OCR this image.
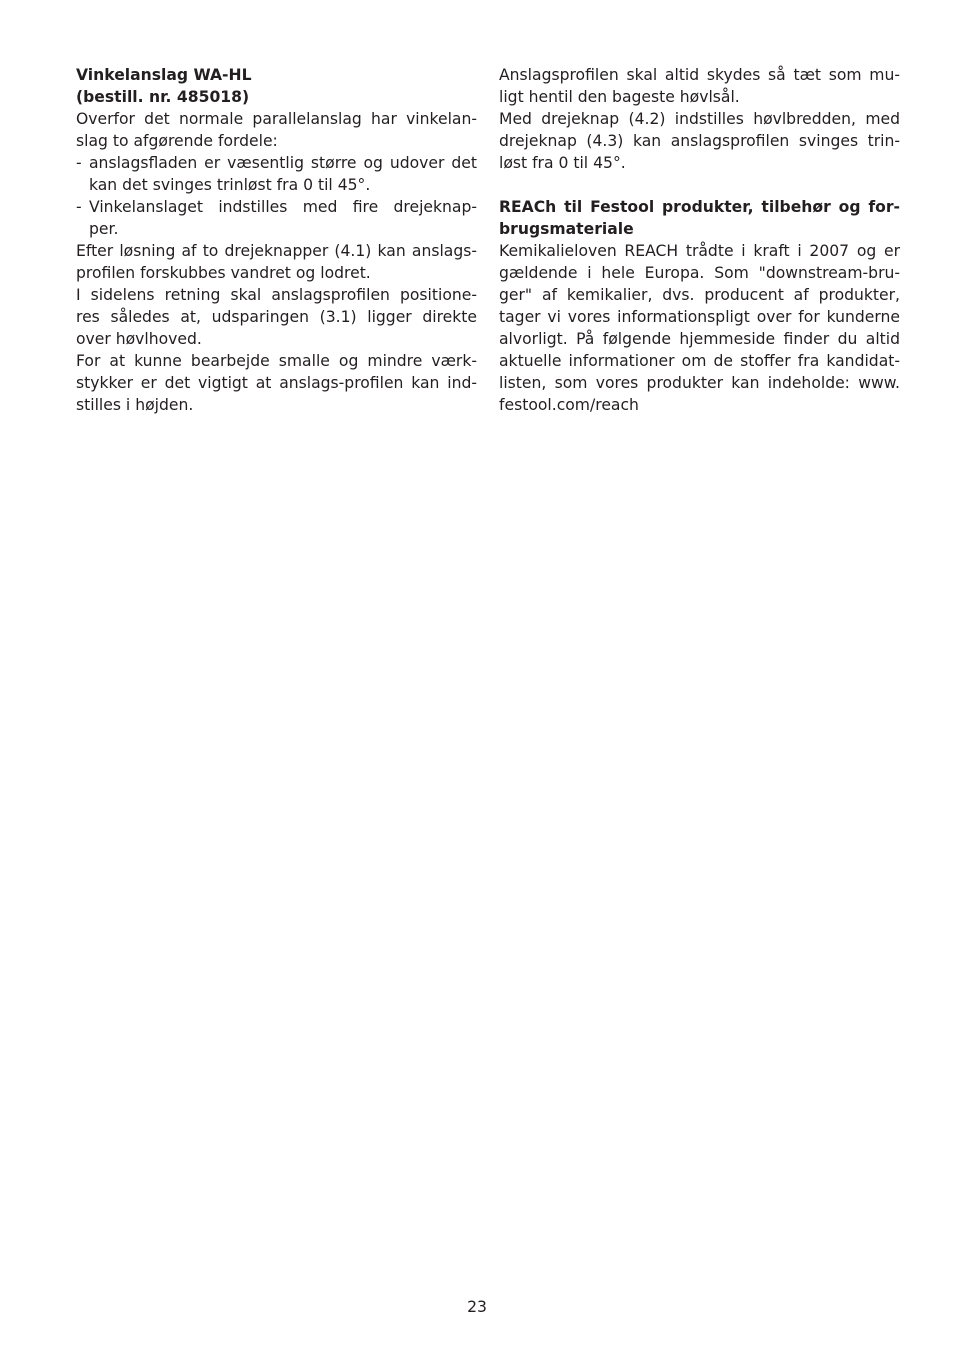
Vinkelanslag WA-HL
(bestill. nr. 485018)
Overfor det normale parallelanslag har vinkelan-
slag to afgørende fordele:
- anslagsfladen er væsentlig større og udover det
kan det svinges trinløst fra 0 til 45°.
- Vinkelanslaget indstilles med fire drejeknap-
per.
Efter løsning af to drejeknapper (4.1) kan anslags-
profilen forskubbes vandret og lodret.
I sidelens retning skal anslagsprofilen positione-
res således at, udsparingen (3.1) ligger direkte
over høvlhoved.
For at kunne bearbejde smalle og mindre værk-
stykker er det vigtigt at anslags-profilen kan ind-
stilles i højden.
Anslagsprofilen skal altid skydes så tæt som mu-
ligt hentil den bageste høvlsål.
Med drejeknap (4.2) indstilles høvlbredden, med
drejeknap (4.3) kan anslagsprofilen svinges trin-
løst fra 0 til 45°.
REACh til Festool produkter, tilbehør og for-
brugsmateriale
Kemikalieloven REACH trådte i kraft i 2007 og er
gældende i hele Europa. Som "downstream-bru-
ger" af kemikalier, dvs. producent af produkter,
tager vi vores informationspligt over for kunderne
alvorligt. På følgende hjemmeside finder du altid
aktuelle informationer om de stoffer fra kandidat-
listen, som vores produkter kan indeholde: www.
festool.com/reach
23
